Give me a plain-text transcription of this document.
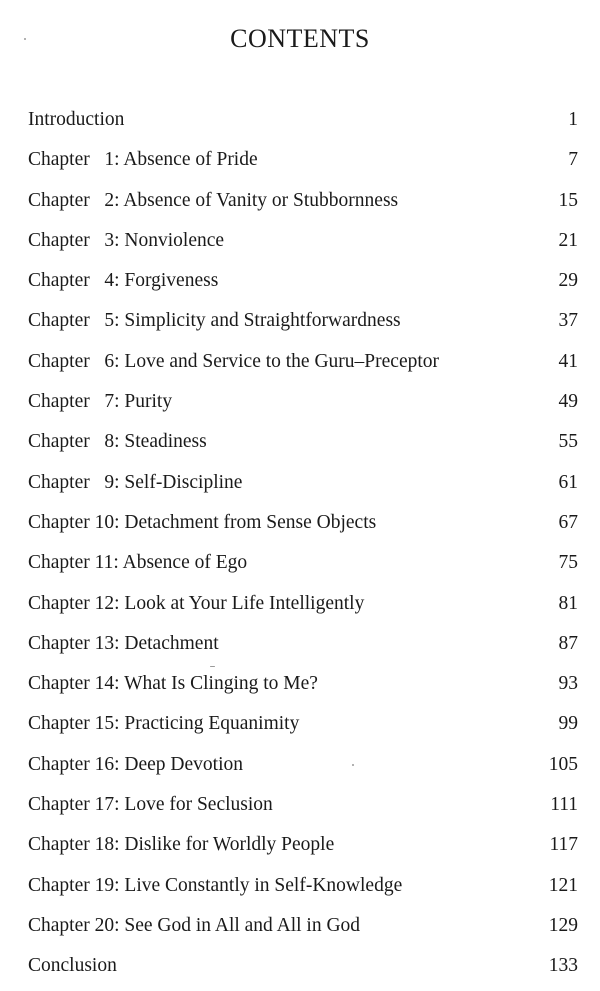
CONTENTS
Introduction	1
Chapter   1: Absence of Pride	7
Chapter   2: Absence of Vanity or Stubbornness	15
Chapter   3: Nonviolence	21
Chapter   4: Forgiveness	29
Chapter   5: Simplicity and Straightforwardness	37
Chapter   6: Love and Service to the Guru–Preceptor	41
Chapter   7: Purity	49
Chapter   8: Steadiness	55
Chapter   9: Self-Discipline	61
Chapter 10: Detachment from Sense Objects	67
Chapter 11: Absence of Ego	75
Chapter 12: Look at Your Life Intelligently	81
Chapter 13: Detachment	87
Chapter 14: What Is Clinging to Me?	93
Chapter 15: Practicing Equanimity	99
Chapter 16: Deep Devotion	105
Chapter 17: Love for Seclusion	111
Chapter 18: Dislike for Worldly People	117
Chapter 19: Live Constantly in Self-Knowledge	121
Chapter 20: See God in All and All in God	129
Conclusion	133
